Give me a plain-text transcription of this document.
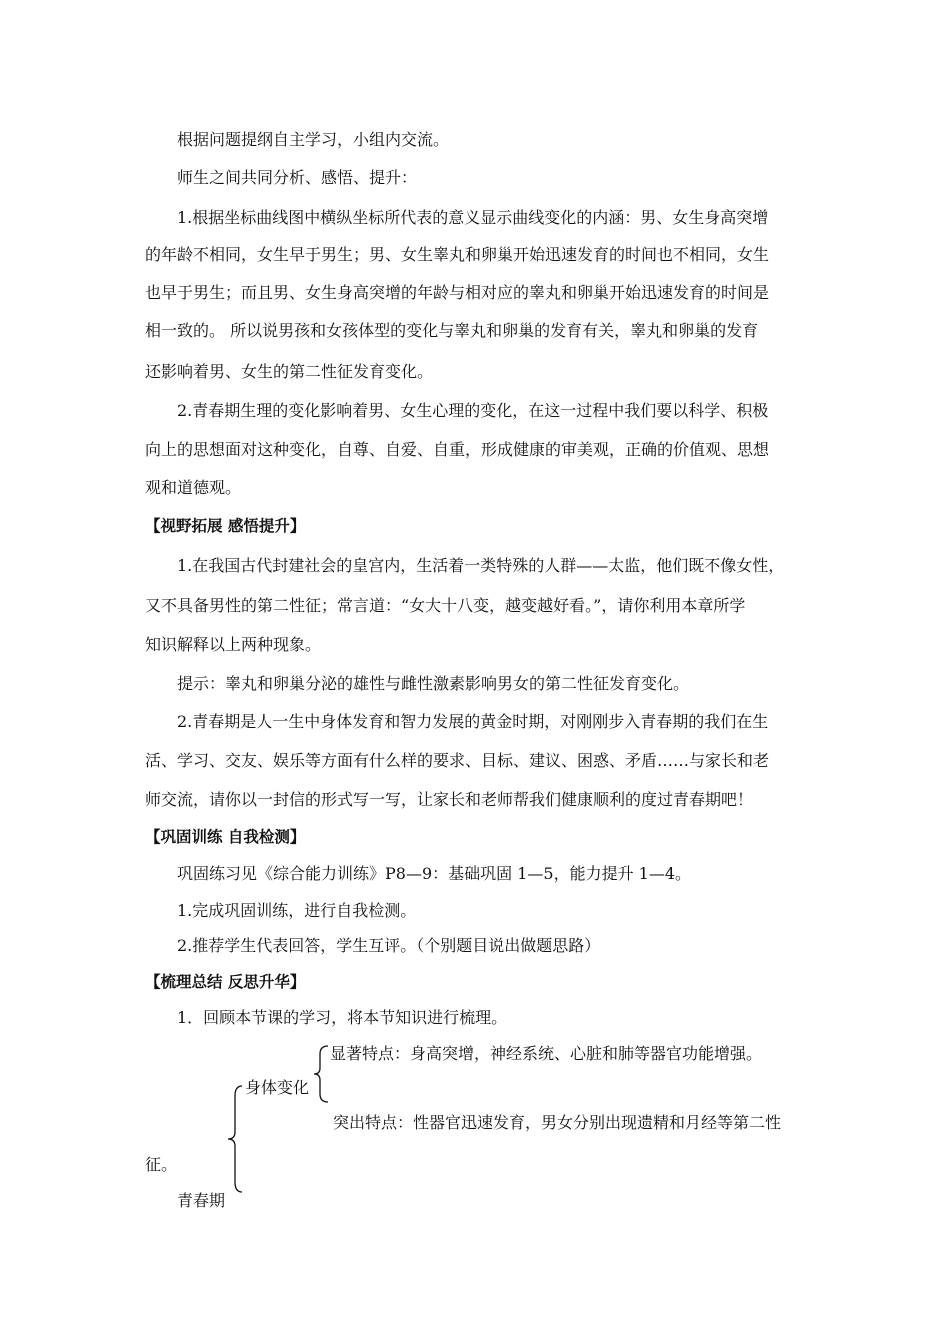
根据问题提纲自主学习，小组内交流。
师生之间共同分析、感悟、提升：
1.根据坐标曲线图中横纵坐标所代表的意义显示曲线变化的内涵：男、女生身高突增
的年龄不相同，女生早于男生；男、女生睾丸和卵巢开始迅速发育的时间也不相同，女生
也早于男生；而且男、女生身高突增的年龄与相对应的睾丸和卵巢开始迅速发育的时间是
相一致的。 所以说男孩和女孩体型的变化与睾丸和卵巢的发育有关，睾丸和卵巢的发育
还影响着男、女生的第二性征发育变化。
2.青春期生理的变化影响着男、女生心理的变化，在这一过程中我们要以科学、积极
向上的思想面对这种变化，自尊、自爱、自重，形成健康的审美观，正确的价值观、思想
观和道德观。
【视野拓展 感悟提升】
1.在我国古代封建社会的皇宫内，生活着一类特殊的人群——太监，他们既不像女性，
又不具备男性的第二性征；常言道：“女大十八变，越变越好看。”，请你利用本章所学
知识解释以上两种现象。
提示：睾丸和卵巢分泌的雄性与雌性激素影响男女的第二性征发育变化。
2.青春期是人一生中身体发育和智力发展的黄金时期，对刚刚步入青春期的我们在生
活、学习、交友、娱乐等方面有什么样的要求、目标、建议、困惑、矛盾……与家长和老
师交流，请你以一封信的形式写一写，让家长和老师帮我们健康顺利的度过青春期吧！
【巩固训练 自我检测】
巩固练习见《综合能力训练》P8—9：基础巩固 1—5，能力提升 1—4。
1.完成巩固训练，进行自我检测。
2.推荐学生代表回答，学生互评。（个别题目说出做题思路）
【梳理总结 反思升华】
1．回顾本节课的学习，将本节知识进行梳理。
显著特点：身高突增，神经系统、心脏和肺等器官功能增强。
身体变化
突出特点：性器官迅速发育，男女分别出现遗精和月经等第二性
征。
青春期
